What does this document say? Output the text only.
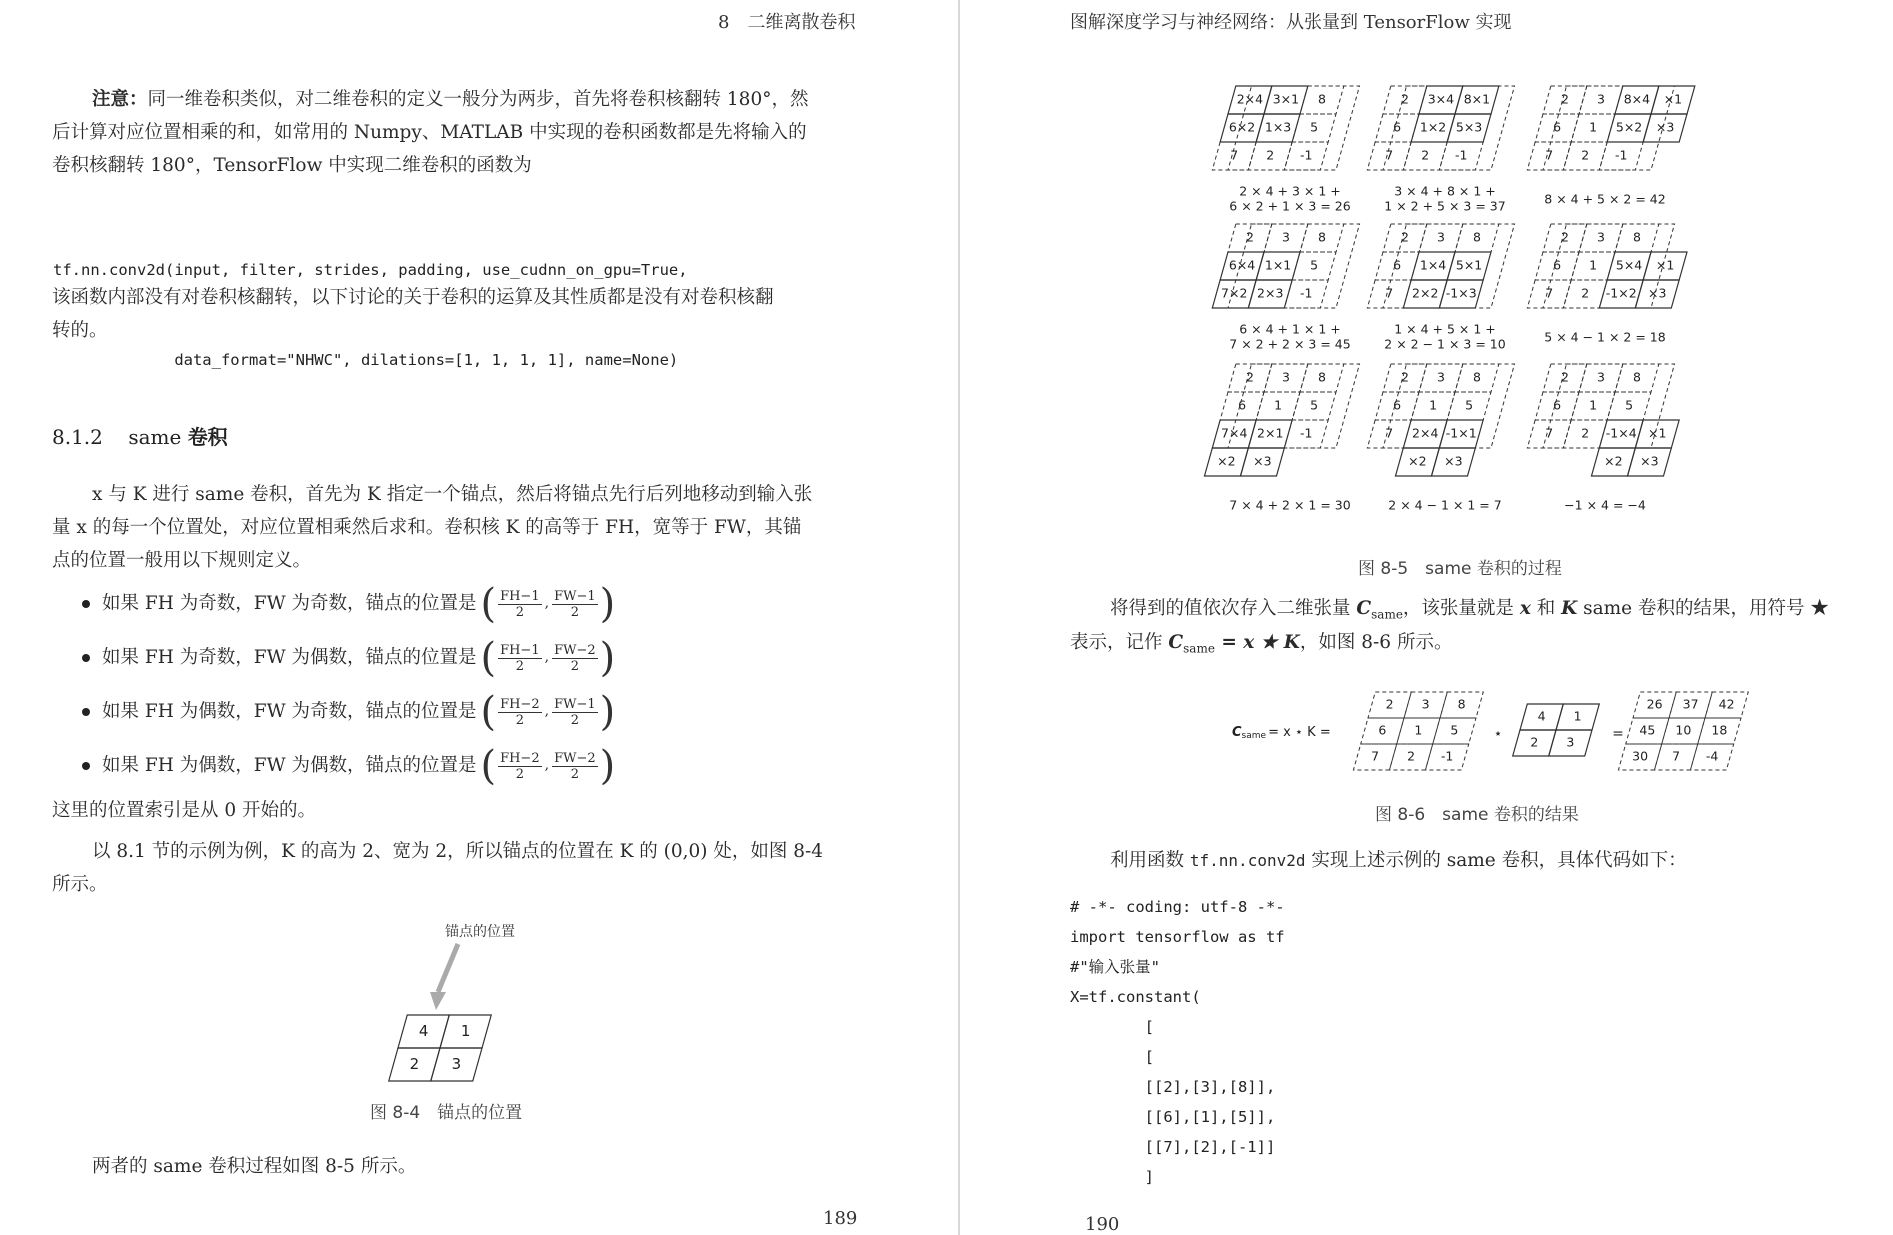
8　二维离散卷积
注意：同一维卷积类似，对二维卷积的定义一般分为两步，首先将卷积核翻转 180°，然
后计算对应位置相乘的和，如常用的 Numpy、MATLAB 中实现的卷积函数都是先将输入的
卷积核翻转 180°，TensorFlow 中实现二维卷积的函数为

tf.nn.conv2d(input, filter, strides, padding, use_cudnn_on_gpu=True,

data_format="NHWC", dilations=[1, 1, 1, 1], name=None)

该函数内部没有对卷积核翻转，以下讨论的关于卷积的运算及其性质都是没有对卷积核翻
转的。
8.1.2 same 卷积
x 与 K 进行 same 卷积，首先为 K 指定一个锚点，然后将锚点先行后列地移动到输入张
量 x 的每一个位置处，对应位置相乘然后求和。卷积核 K 的高等于 FH，宽等于 FW，其锚
点的位置一般用以下规则定义。
如果 FH 为奇数，FW 为奇数，锚点的位置是 ( $\frac{FH-1}{2}$ , $\frac{FW-1}{2}$ )
如果 FH 为奇数，FW 为偶数，锚点的位置是 ( $\frac{FH-1}{2}$ , $\frac{FW-2}{2}$ )
如果 FH 为偶数，FW 为奇数，锚点的位置是 ( $\frac{FH-2}{2}$ , $\frac{FW-1}{2}$ )
如果 FH 为偶数，FW 为偶数，锚点的位置是 ( $\frac{FH-2}{2}$ , $\frac{FW-2}{2}$ )
这里的位置索引是从 0 开始的。
以 8.1 节的示例为例，K 的高为 2、宽为 2，所以锚点的位置在 K 的 (0,0) 处，如图 8-4
所示。
锚点的位置
4 1
2 3
图 8-4　锚点的位置
两者的 same 卷积过程如图 8-5 所示。
189
图解深度学习与神经网络：从张量到 TensorFlow 实现
2×4 3×1 8
6×2 1×3 5
7 2 -1
2 × 4 + 3 × 1 +
6 × 2 + 1 × 3 = 26
2 3×4 8×1
6 1×2 5×3
7 2 -1
3 × 4 + 8 × 1 +
1 × 2 + 5 × 3 = 37
2 3 8×4
6 1 5×2
7 2 -1
×1
×3
8 × 4 + 5 × 2 = 42
2 3 8
6×4 1×1 5
7×2 2×3 -1
6 × 4 + 1 × 1 +
7 × 2 + 2 × 3 = 45
2 3 8
6 1×4 5×1
7 2×2 -1×3
1 × 4 + 5 × 1 +
2 × 2 − 1 × 3 = 10
2 3 8
6 1 5×4
7 2 -1×2
×1
×3
5 × 4 − 1 × 2 = 18
2 3 8
6 1 5
7×4 2×1 -1
×2 ×3
7 × 4 + 2 × 1 = 30
2 3 8
6 1 5
7 2×4 -1×1
×2 ×3
2 × 4 − 1 × 1 = 7
2 3 8
6 1 5
7 2 -1×4 ×1
×2 ×3
−1 × 4 = −4
图 8-5　same 卷积的过程
将得到的值依次存入二维张量 $C_{same}$，该张量就是 x 和 K same 卷积的结果，用符号 ★
表示，记作 $C_{same} = x$ ★ K，如图 8-6 所示。
$C_{same} = x$ ⋆ K =
2 3 8
6 1 5
7 2 -1
⋆
4 1
2 3	=
26 37 42
45 10 18
30 7 -4
图 8-6　same 卷积的结果
利用函数 tf.nn.conv2d 实现上述示例的 same 卷积，具体代码如下：
# -*- coding: utf-8 -*-
import tensorflow as tf
#"输入张量"
X=tf.constant(
[
[
[[2],[3],[8]],
[[6],[1],[5]],
[[7],[2],[-1]]
]
190
